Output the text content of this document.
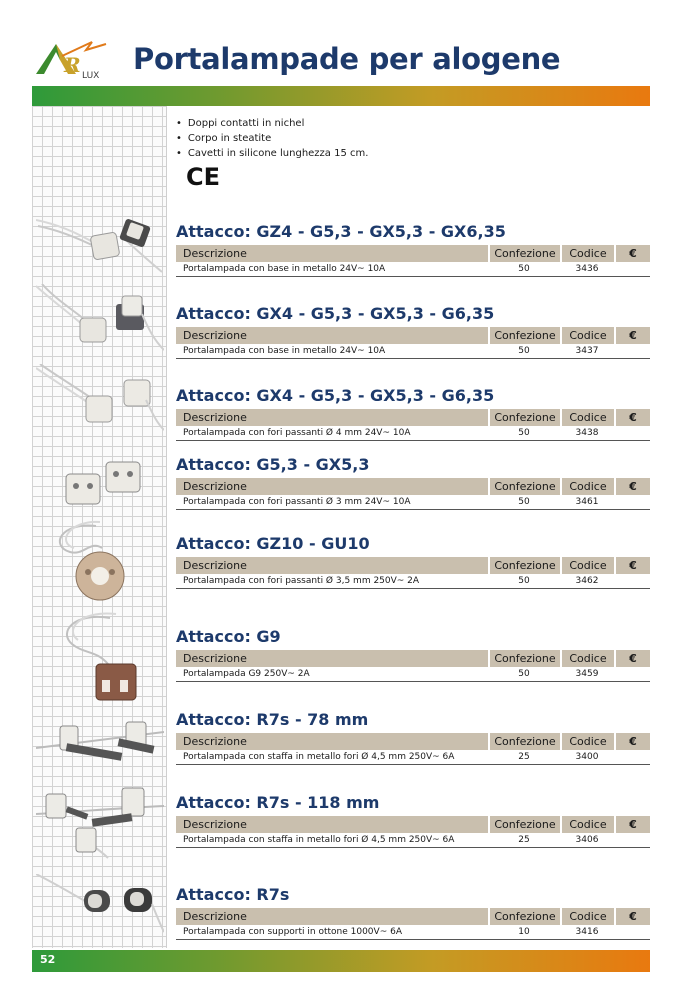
R LUX Portalampade per alogene
• Doppi contatti in nichel
• Corpo in steatite
• Cavetti in silicone lunghezza 15 cm.
CE
Attacco: GZ4 - G5,3 - GX5,3 - GX6,35
Descrizione	Confezione	Codice	€
Portalampada con base in metallo 24V~ 10A	50	3436
Attacco: GX4 - G5,3 - GX5,3 - G6,35
Descrizione	Confezione	Codice	€
Portalampada con base in metallo 24V~ 10A	50	3437
Attacco: GX4 - G5,3 - GX5,3 - G6,35
Descrizione	Confezione	Codice	€
Portalampada con fori passanti Ø 4 mm 24V~ 10A	50	3438
Attacco: G5,3 - GX5,3
Descrizione	Confezione	Codice	€
Portalampada con fori passanti Ø 3 mm 24V~ 10A	50	3461
Attacco: GZ10 - GU10
Descrizione	Confezione	Codice	€
Portalampada con fori passanti Ø 3,5 mm 250V~ 2A	50	3462
Attacco: G9
Descrizione	Confezione	Codice	€
Portalampada G9 250V~ 2A	50	3459
Attacco: R7s - 78 mm
Descrizione	Confezione	Codice	€
Portalampada con staffa in metallo fori Ø 4,5 mm 250V~ 6A	25	3400
Attacco: R7s - 118 mm
Descrizione	Confezione	Codice	€
Portalampada con staffa in metallo fori Ø 4,5 mm 250V~ 6A	25	3406
Attacco: R7s
Descrizione	Confezione	Codice	€
Portalampada con supporti in ottone 1000V~ 6A	10	3416
52
